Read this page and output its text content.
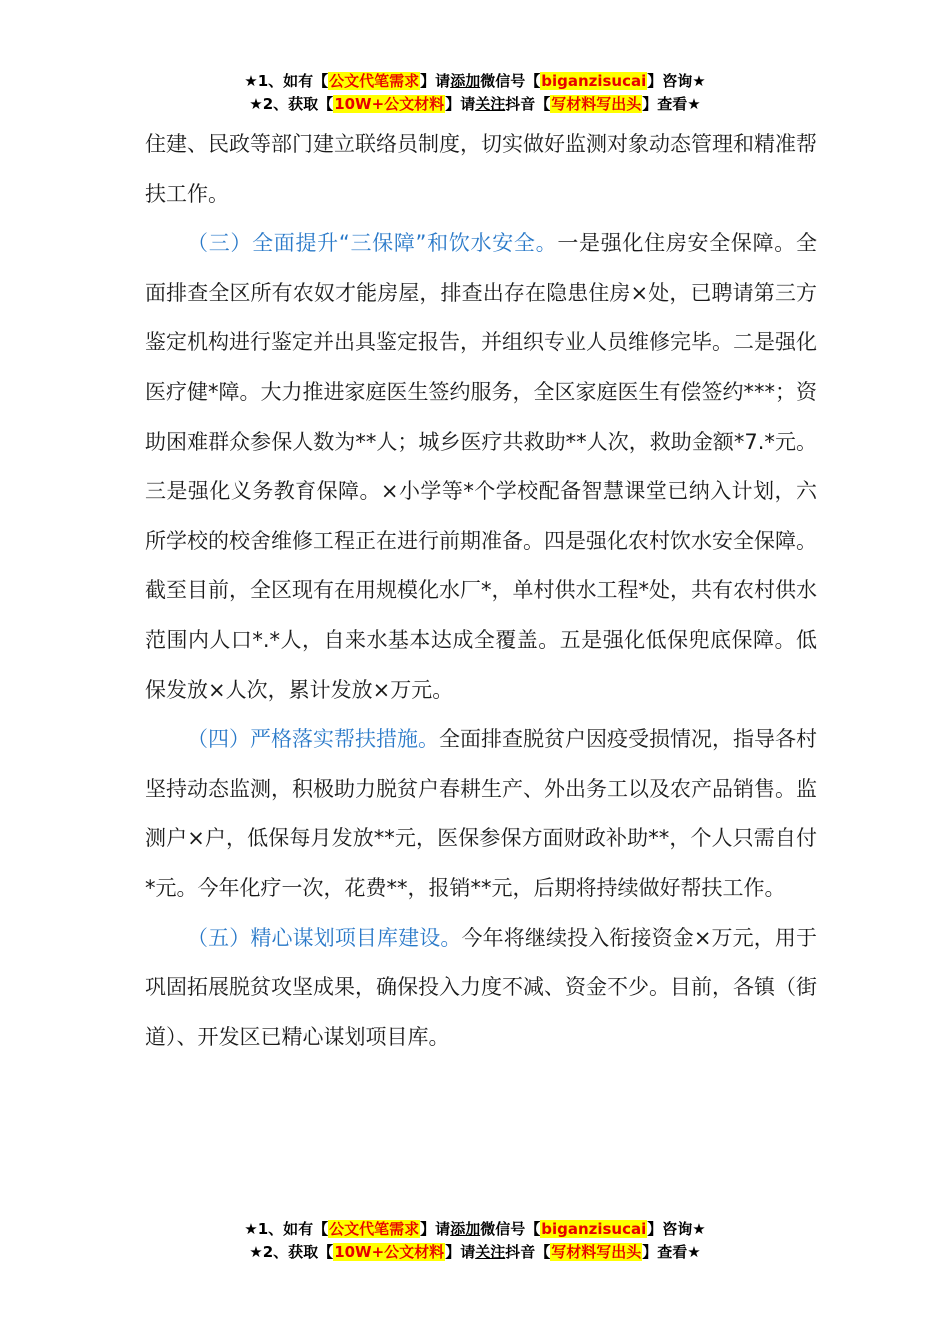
★1、如有【公文代笔需求】请添加微信号【biganzisucai】咨询★
★2、获取【10W+公文材料】请关注抖音【写材料写出头】查看★

住建、民政等部门建立联络员制度，切实做好监测对象动态管理和精准帮扶工作。

（三）全面提升“三保障”和饮水安全。一是强化住房安全保障。全面排查全区所有农奴才能房屋，排查出存在隐患住房×处，已聘请第三方鉴定机构进行鉴定并出具鉴定报告，并组织专业人员维修完毕。二是强化医疗健*障。大力推进家庭医生签约服务，全区家庭医生有偿签约***；资助困难群众参保人数为**人；城乡医疗共救助**人次，救助金额*7.*元。三是强化义务教育保障。×小学等*个学校配备智慧课堂已纳入计划，六所学校的校舍维修工程正在进行前期准备。四是强化农村饮水安全保障。截至目前，全区现有在用规模化水厂*，单村供水工程*处，共有农村供水范围内人口*.*人，自来水基本达成全覆盖。五是强化低保兜底保障。低保发放×人次，累计发放×万元。

（四）严格落实帮扶措施。全面排查脱贫户因疫受损情况，指导各村坚持动态监测，积极助力脱贫户春耕生产、外出务工以及农产品销售。监测户×户，低保每月发放**元，医保参保方面财政补助**，个人只需自付*元。今年化疗一次，花费**，报销**元，后期将持续做好帮扶工作。

（五）精心谋划项目库建设。今年将继续投入衔接资金×万元，用于巩固拓展脱贫攻坚成果，确保投入力度不减、资金不少。目前，各镇（街道）、开发区已精心谋划项目库。

★1、如有【公文代笔需求】请添加微信号【biganzisucai】咨询★
★2、获取【10W+公文材料】请关注抖音【写材料写出头】查看★
